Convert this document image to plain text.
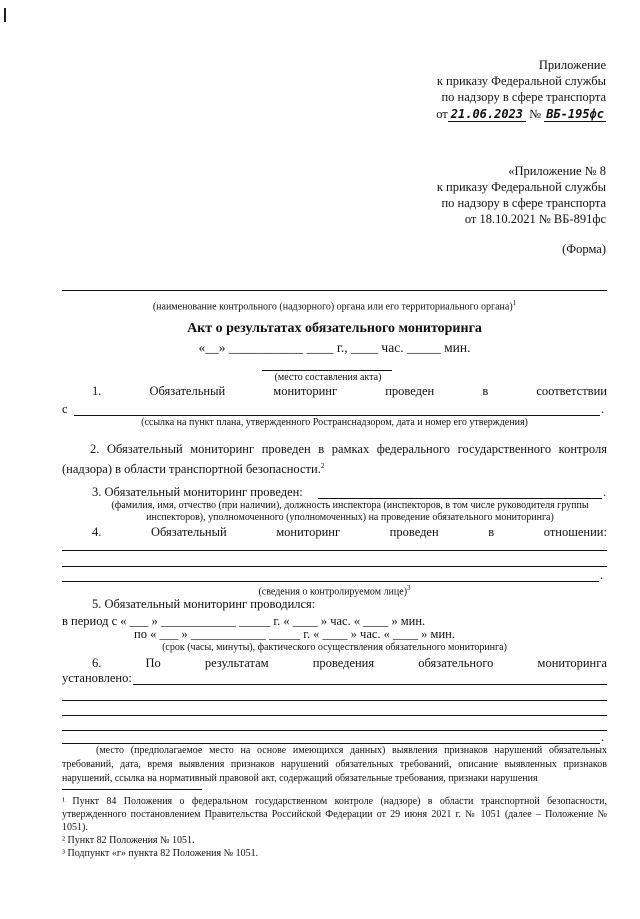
Приложение
к приказу Федеральной службы
по надзору в сфере транспорта
от 21.06.2023 № ВБ-195фс
«Приложение № 8
к приказу Федеральной службы
по надзору в сфере транспорта
от 18.10.2021 № ВБ-891фс
(Форма)
(наименование контрольного (надзорного) органа или его территориального органа)$^1$
Акт о результатах обязательного мониторинга
«__» ___________ ____ г., ____ час. _____ мин.
(место составления акта)
1.	Обязательный	мониторинг	проведен	в	соответствии
с	.
(ссылка на пункт плана, утвержденного Ространснадзором, дата и номер его утверждения)
2. Обязательный мониторинг проведен в рамках федерального государственного контроля (надзора) в области транспортной безопасности.$^2$
3. Обязательный мониторинг проведен:	.
(фамилия, имя, отчество (при наличии), должность инспектора (инспекторов, в том числе руководителя группы инспекторов), уполномоченного (уполномоченных) на проведение обязательного мониторинга)
4.	Обязательный	мониторинг	проведен	в	отношении:
.
(сведения о контролируемом лице)$^3$
5. Обязательный мониторинг проводился:
в период с « ___ » ____________ _____ г. « ____ » час. « ____ » мин.
по « ___ » ____________ _____ г. « ____ » час. « ____ » мин.
(срок (часы, минуты), фактического осуществления обязательного мониторинга)
6.	По	результатам	проведения	обязательного	мониторинга
установлено:
.
(место (предполагаемое место на основе имеющихся данных) выявления признаков нарушений обязательных требований, дата, время выявления признаков нарушений обязательных требований, описание выявленных признаков нарушений, ссылка на нормативный правовой акт, содержащий обязательные требования, признаки нарушения
¹ Пункт 84 Положения о федеральном государственном контроле (надзоре) в области транспортной безопасности, утвержденного постановлением Правительства Российской Федерации от 29 июня 2021 г. № 1051 (далее – Положение № 1051).
² Пункт 82 Положения № 1051.
³ Подпункт «г» пункта 82 Положения № 1051.
